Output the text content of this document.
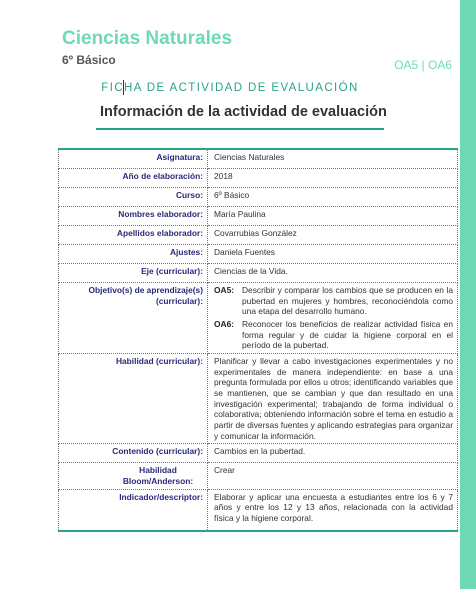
Ciencias Naturales
6º Básico	OA5 | OA6
FICHA DE ACTIVIDAD DE EVALUACIÓN
Información de la actividad de evaluación
Asignatura:	Ciencias Naturales
Año de elaboración:	2018
Curso:	6º Básico
Nombres elaborador:	María Paulina
Apellidos elaborador:	Covarrubias González
Ajustes:	Daniela Fuentes
Eje (curricular):	Ciencias de la Vida.
Objetivo(s) de aprendizaje(s) (curricular):	OA5: Describir y comparar los cambios que se producen en la pubertad en mujeres y hombres, reconociéndola como una etapa del desarrollo humano.
OA6: Reconocer los beneficios de realizar actividad física en forma regular y de cuidar la higiene corporal en el período de la pubertad.

Habilidad (curricular):	Planificar y llevar a cabo investigaciones experimentales y no experimentales de manera independiente: en base a una pregunta formulada por ellos u otros; identificando variables que se mantienen, que se cambian y que dan resultado en una investigación experimental; trabajando de forma individual o colaborativa; obteniendo información sobre el tema en estudio a partir de diversas fuentes y aplicando estrategias para organizar y comunicar la información.
Contenido (curricular):	Cambios en la pubertad.
Habilidad Bloom/Anderson:	Crear
Indicador/descriptor:	Elaborar y aplicar una encuesta a estudiantes entre los 6 y 7 años y entre los 12 y 13 años, relacionada con la actividad física y la higiene corporal.
